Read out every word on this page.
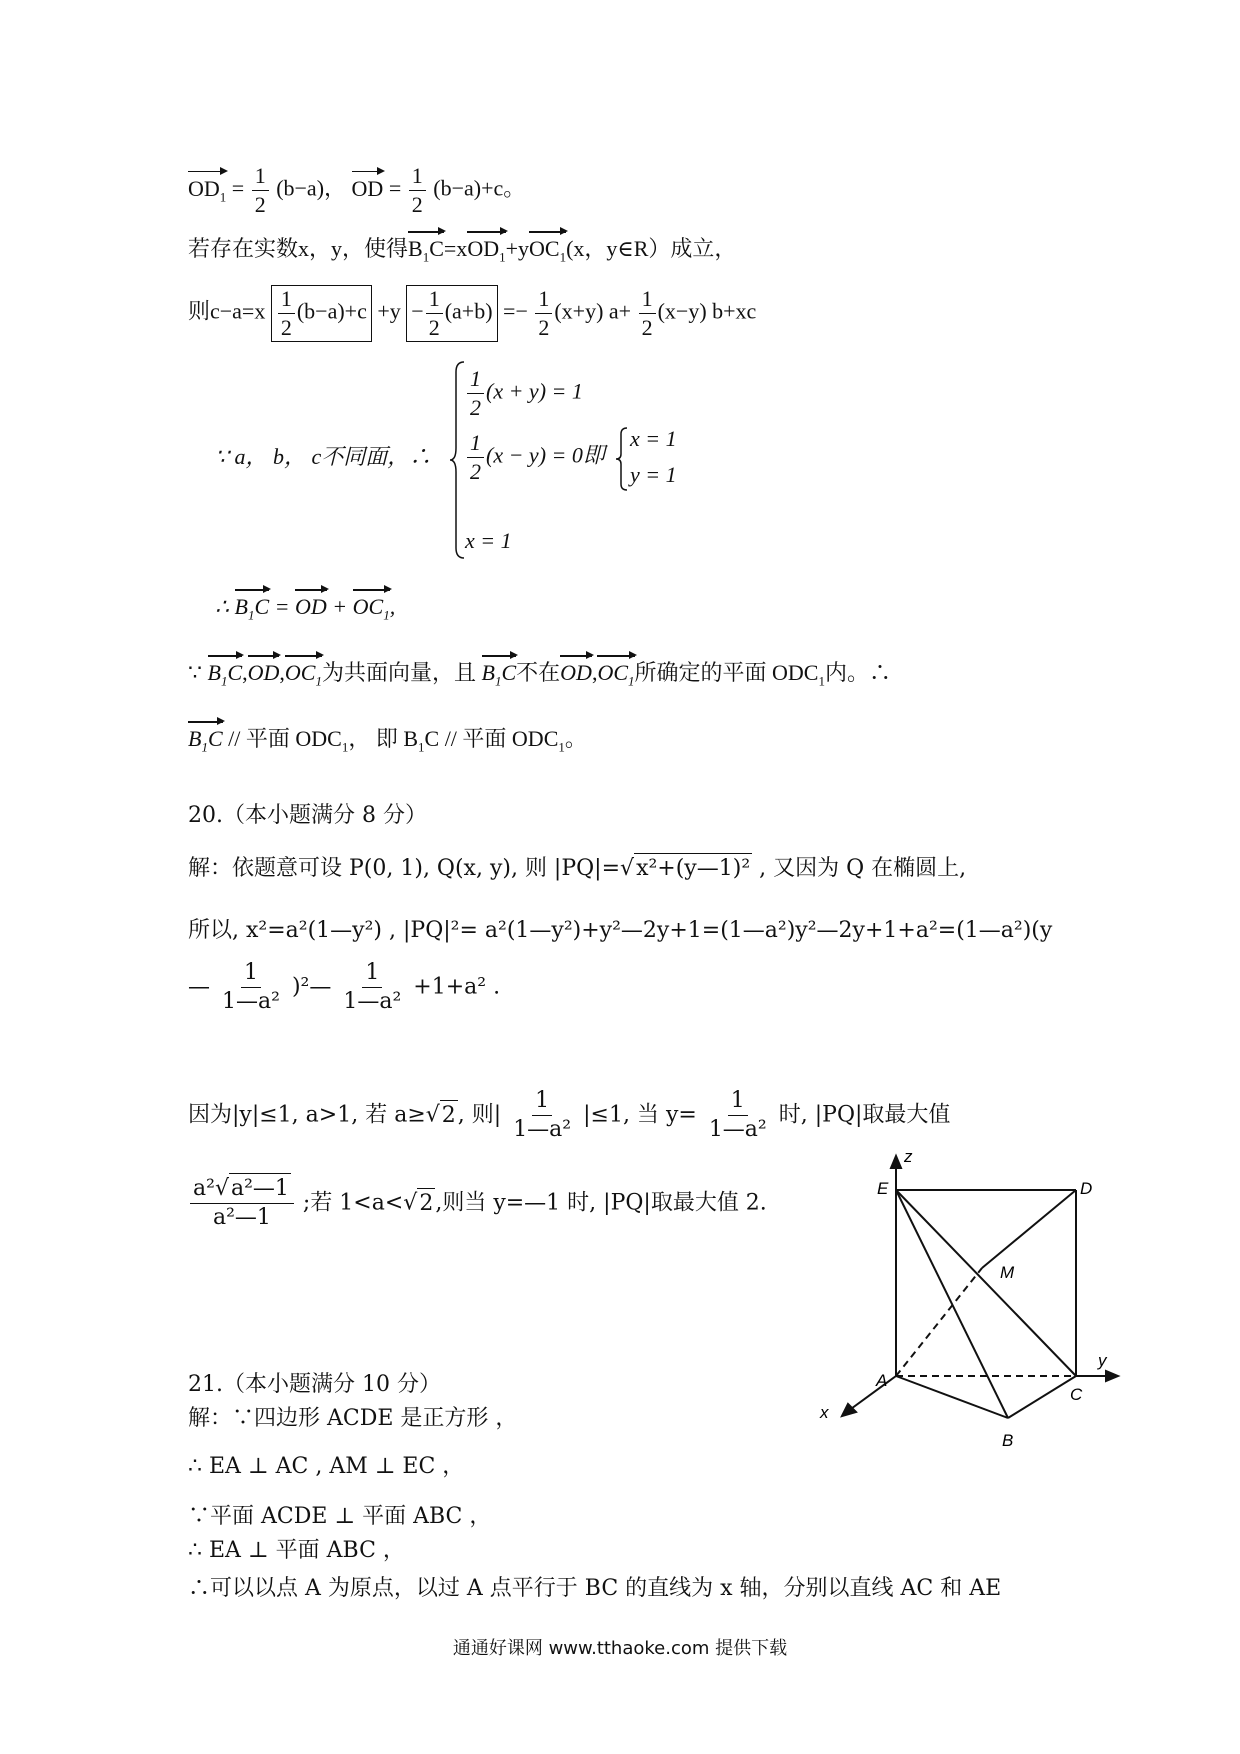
$OD_1 = \frac{1}{2} (b-a)$， OD = $\frac{1}{2} (b-a)+c$。
若存在实数x，y，使得$B_1C=xOD_1+yOC_1(x$，y∈R）成立，
则$c-a=x \frac{1}{2} (b-a)+c +y - \frac{1}{2} (a+b) =- \frac{1}{2} (x+y)$ $a+ \frac{1}{2} (x-y)$ b+xc
∵ a， b， c不同面，∴
$\frac{1}{2} (x + y) = 1$
$\frac{1}{2} (x - y) = 0$即
x = 1
x = 1
y = 1
∴ $B_1C$ = OD + $OC_1$,
∵ $B_1C,OD,OC_1$为共面向量，且 $B_1C$不在$OD,OC_1$所确定的平面 $ODC_1$内。∴
$B_1C$ // 平面 $ODC_1$， 即 $B_1C$ // 平面 $ODC_1$。
20.（本小题满分 8 分）
解：依题意可设 P(0, 1), Q(x, y), 则 |PQ|=√x²+(y—1)² , 又因为 Q 在椭圆上,
所以, x²=a²(1—y²) , |PQ|²= a²(1—y²)+y²—2y+1=(1—a²)y²—2y+1+a²=(1—a²)(y
— $\frac{1}{\text{1—a²}}$ )²— $\frac{1}{\text{1—a²}} +1+a^2$ .
因为|y|≤1, a>1, 若 a≥√2, 则| $\frac{1}{\text{1—a²}} |\le 1$, 当 $y= \frac{1}{\text{1—a²}}$ 时, |PQ|取最大值
$\frac{\text{a²√a²—1}}{\text{a²—1}}$ ;若 1<a<√2,则当 y=—1 时, |PQ|取最大值 2.
21.（本小题满分 10 分）
解：∵四边形 ACDE 是正方形 ，
∴ EA ⊥ AC , AM ⊥ EC ，
∵平面 ACDE ⊥ 平面 ABC ，
∴ EA ⊥ 平面 ABC ，
∴可以以点 A 为原点，以过 A 点平行于 BC 的直线为 x 轴，分别以直线 AC 和 AE
z
E	D
M
A
C
B
x
y
通通好课网 www.tthaoke.com 提供下载
